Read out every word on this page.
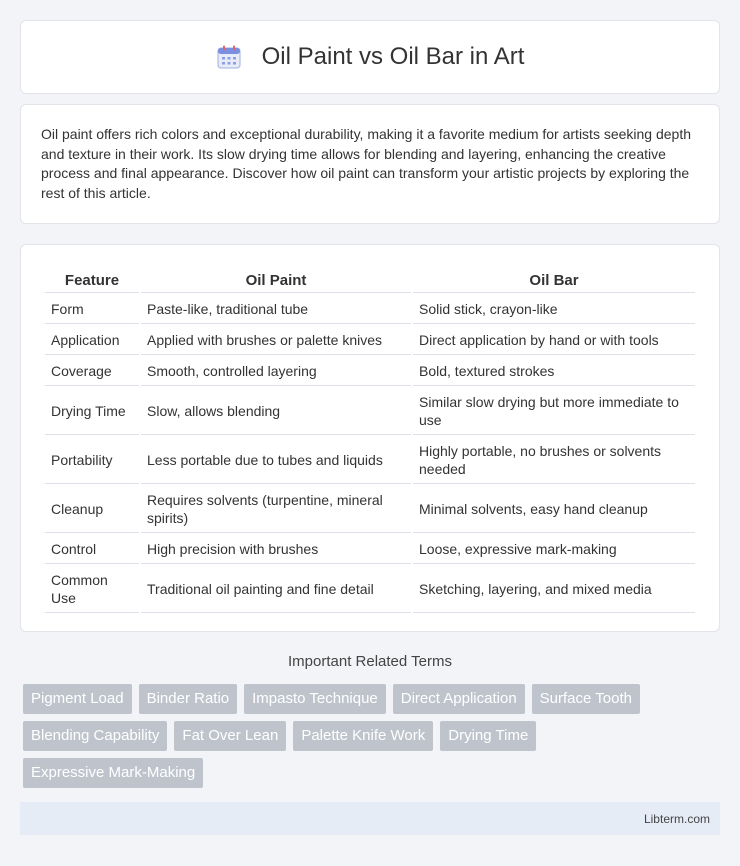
Oil Paint vs Oil Bar in Art

Oil paint offers rich colors and exceptional durability, making it a favorite medium for artists seeking depth and texture in their work. Its slow drying time allows for blending and layering, enhancing the creative process and final appearance. Discover how oil paint can transform your artistic projects by exploring the rest of this article.

Feature	Oil Paint	Oil Bar
Form	Paste-like, traditional tube	Solid stick, crayon-like
Application	Applied with brushes or palette knives	Direct application by hand or with tools
Coverage	Smooth, controlled layering	Bold, textured strokes
Drying Time	Slow, allows blending	Similar slow drying but more immediate to use
Portability	Less portable due to tubes and liquids	Highly portable, no brushes or solvents needed
Cleanup	Requires solvents (turpentine, mineral spirits)	Minimal solvents, easy hand cleanup
Control	High precision with brushes	Loose, expressive mark-making
Common Use	Traditional oil painting and fine detail	Sketching, layering, and mixed media
Important Related Terms
Pigment Load	Binder Ratio	Impasto Technique	Direct Application	Surface Tooth
Blending Capability	Fat Over Lean	Palette Knife Work	Drying Time
Expressive Mark-Making
Libterm.com
